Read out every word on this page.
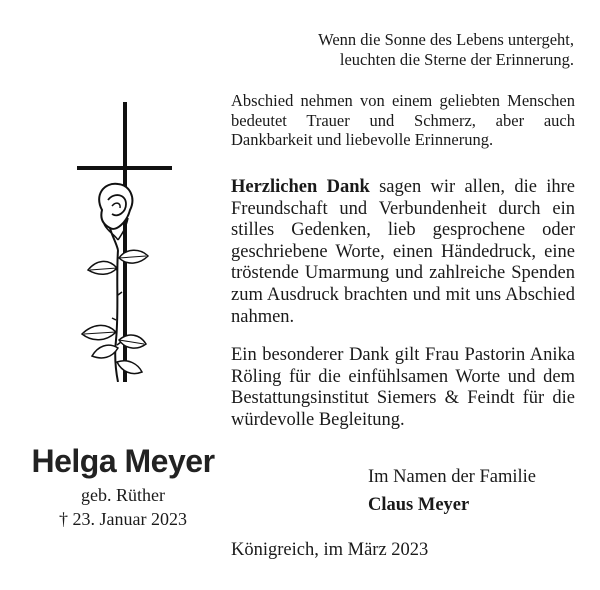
Wenn die Sonne des Lebens untergeht,
leuchten die Sterne der Erinnerung.
Abschied nehmen von einem geliebten Menschen bedeutet Trauer und Schmerz, aber auch Dankbarkeit und liebevolle Erinnerung.
Herzlichen Dank sagen wir allen, die ihre Freundschaft und Verbundenheit durch ein stilles Gedenken, lieb gesprochene oder geschriebene Worte, einen Händedruck, eine tröstende Umarmung und zahlreiche Spenden zum Ausdruck brachten und mit uns Abschied nahmen.
Ein besonderer Dank gilt Frau Pastorin Anika Röling für die einfühlsamen Worte und dem Bestattungsinstitut Siemers & Feindt für die würdevolle Begleitung.
Helga Meyer
geb. Rüther
† 23. Januar 2023
Im Namen der Familie
Claus Meyer
Königreich, im März 2023
